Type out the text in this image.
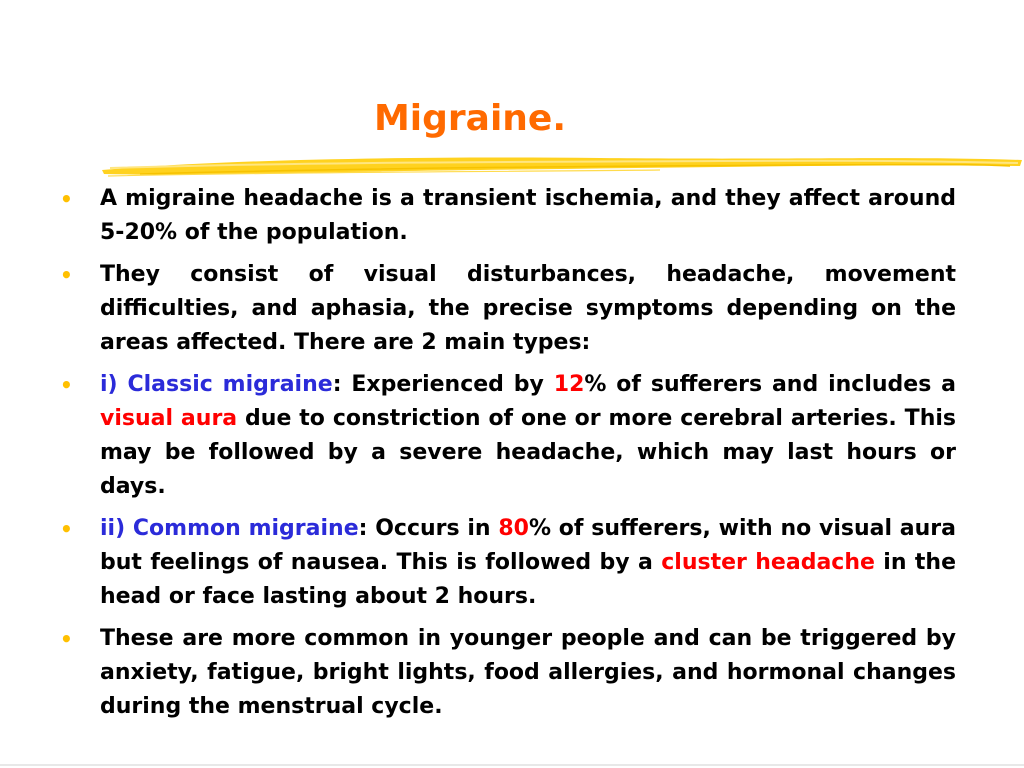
Migraine.
• A migraine headache is a transient ischemia, and they affect around 5-20% of the population.
• They consist of visual disturbances, headache, movement difficulties, and aphasia, the precise symptoms depending on the areas affected. There are 2 main types:
• i) Classic migraine: Experienced by 12% of sufferers and includes a visual aura due to constriction of one or more cerebral arteries. This may be followed by a severe headache, which may last hours or days.
• ii) Common migraine: Occurs in 80% of sufferers, with no visual aura but feelings of nausea. This is followed by a cluster headache in the head or face lasting about 2 hours.
• These are more common in younger people and can be triggered by anxiety, fatigue, bright lights, food allergies, and hormonal changes during the menstrual cycle.
